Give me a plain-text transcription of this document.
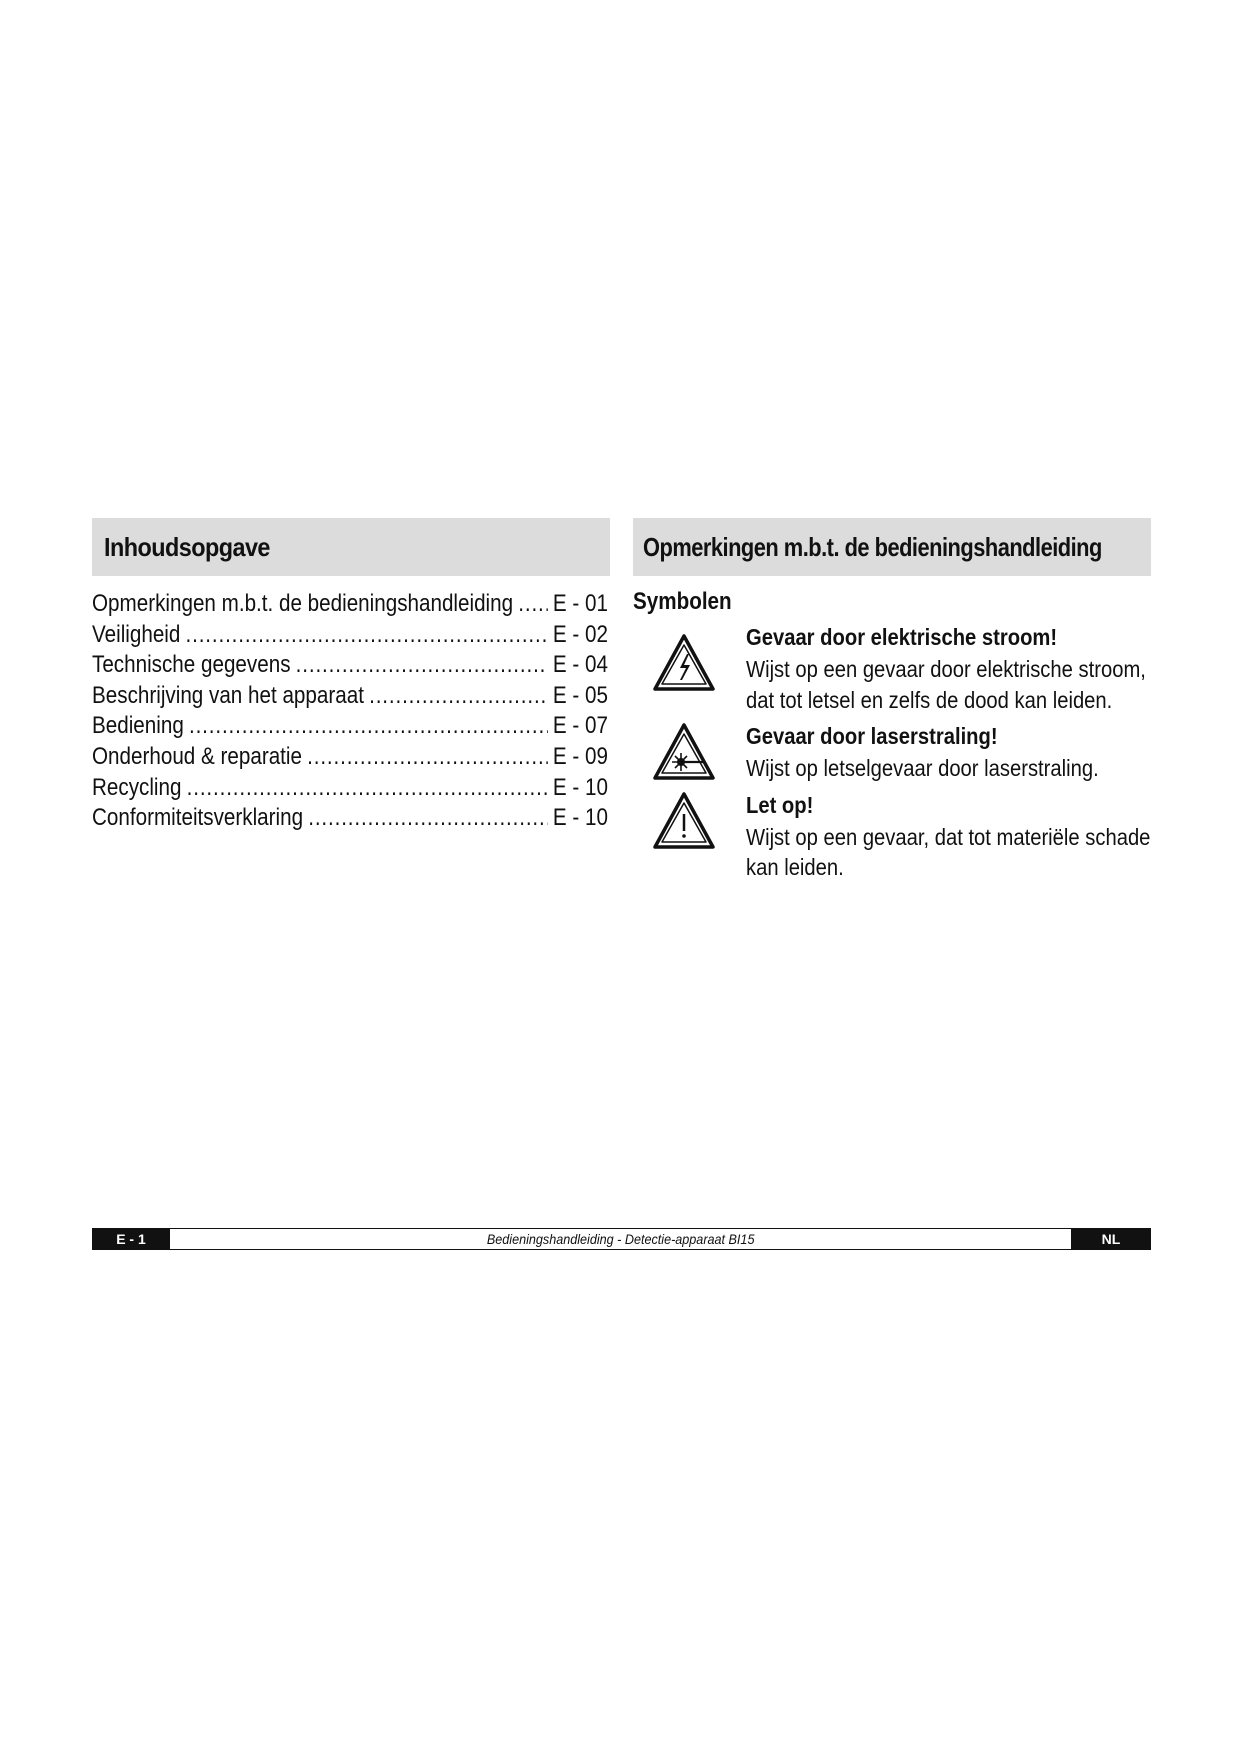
Inhoudsopgave
Opmerkingen m.b.t. de bedieningshandleiding ..... E - 01
Veiligheid .....	E - 02
Technische gegevens .....	E - 04
Beschrijving van het apparaat .....	E - 05
Bediening .....	E - 07
Onderhoud & reparatie .....	E - 09
Recycling .....	E - 10
Conformiteitsverklaring .....	E - 10
Opmerkingen m.b.t. de bedieningshandleiding
Symbolen
Gevaar door elektrische stroom!
Wijst op een gevaar door elektrische stroom, dat tot letsel en zelfs de dood kan leiden.
Gevaar door laserstraling!
Wijst op letselgevaar door laserstraling.
Let op!
Wijst op een gevaar, dat tot materiële schade kan leiden.
E - 1	Bedieningshandleiding - Detectie-apparaat BI15	NL
